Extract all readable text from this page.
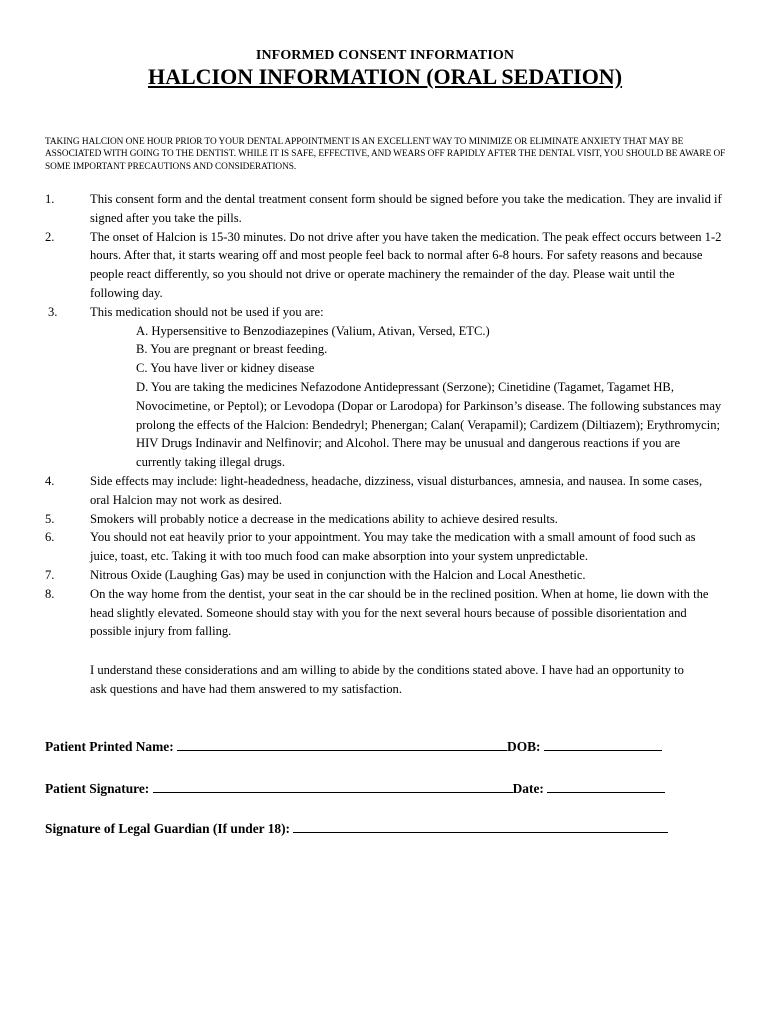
INFORMED CONSENT INFORMATION
HALCION INFORMATION (ORAL SEDATION)
TAKING HALCION ONE HOUR PRIOR TO YOUR DENTAL APPOINTMENT IS AN EXCELLENT WAY TO MINIMIZE OR ELIMINATE ANXIETY THAT MAY BE ASSOCIATED WITH GOING TO THE DENTIST. WHILE IT IS SAFE, EFFECTIVE, AND WEARS OFF RAPIDLY AFTER THE DENTAL VISIT, YOU SHOULD BE AWARE OF SOME IMPORTANT PRECAUTIONS AND CONSIDERATIONS.
1.	This consent form and the dental treatment consent form should be signed before you take the medication. They are invalid if signed after you take the pills.
2.	The onset of Halcion is 15-30 minutes. Do not drive after you have taken the medication. The peak effect occurs between 1-2 hours. After that, it starts wearing off and most people feel back to normal after 6-8 hours. For safety reasons and because people react differently, so you should not drive or operate machinery the remainder of the day. Please wait until the following day.
3.	This medication should not be used if you are:
A. Hypersensitive to Benzodiazepines (Valium, Ativan, Versed, ETC.)
B. You are pregnant or breast feeding.
C. You have liver or kidney disease
D. You are taking the medicines Nefazodone Antidepressant (Serzone); Cinetidine (Tagamet, Tagamet HB, Novocimetine, or Peptol); or Levodopa (Dopar or Larodopa) for Parkinson’s disease. The following substances may prolong the effects of the Halcion: Bendedryl; Phenergan; Calan( Verapamil); Cardizem (Diltiazem); Erythromycin; HIV Drugs Indinavir and Nelfinovir; and Alcohol. There may be unusual and dangerous reactions if you are currently taking illegal drugs.
4.	Side effects may include: light-headedness, headache, dizziness, visual disturbances, amnesia, and nausea. In some cases, oral Halcion may not work as desired.
5.	Smokers will probably notice a decrease in the medications ability to achieve desired results.
6.	You should not eat heavily prior to your appointment. You may take the medication with a small amount of food such as juice, toast, etc. Taking it with too much food can make absorption into your system unpredictable.
7.	Nitrous Oxide (Laughing Gas) may be used in conjunction with the Halcion and Local Anesthetic.
8.	On the way home from the dentist, your seat in the car should be in the reclined position. When at home, lie down with the head slightly elevated. Someone should stay with you for the next several hours because of possible disorientation and possible injury from falling.
I understand these considerations and am willing to abide by the conditions stated above. I have had an opportunity to ask questions and have had them answered to my satisfaction.
Patient Printed Name:	DOB:
Patient Signature:	Date:
Signature of Legal Guardian (If under 18):
